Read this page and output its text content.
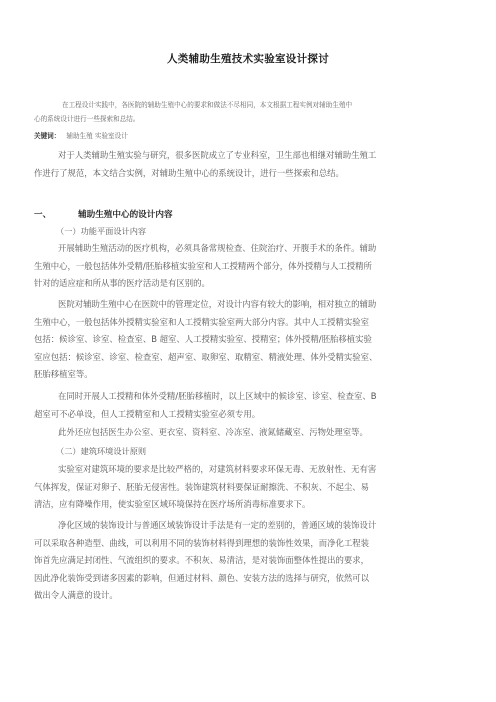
人类辅助生殖技术实验室设计探讨
在工程设计实践中，各医院的辅助生殖中心的要求和做法不尽相同，本文根据工程实例对辅助生殖中
心的系统设计进行一些探索和总结。
关键词： 辅助生殖 实验室设计

对于人类辅助生殖实验与研究，很多医院成立了专业科室，卫生部也相继对辅助生殖工

作进行了规范，本文结合实例，对辅助生殖中心的系统设计，进行一些探索和总结。
一、	辅助生殖中心的设计内容
（一）功能平面设计内容

开展辅助生殖活动的医疗机构，必须具备常规检查、住院治疗、开腹手术的条件。辅助

生殖中心，一般包括体外受精/胚胎移植实验室和人工授精两个部分，体外授精与人工授精所
针对的适应症和所从事的医疗活动是有区别的。

医院对辅助生殖中心在医院中的管理定位，对设计内容有较大的影响，相对独立的辅助

生殖中心，一般包括体外授精实验室和人工授精实验室两大部分内容。其中人工授精实验室
包括：候诊室、诊室、检查室、B 超室、人工授精实验室、授精室；体外授精/胚胎移植实验
室应包括：候诊室、诊室、检查室、超声室、取卵室、取精室、精液处理、体外受精实验室、
胚胎移植室等。

在同时开展人工授精和体外受精/胚胎移植时，以上区域中的候诊室、诊室、检查室、B

超室可不必单设，但人工授精室和人工授精实验室必须专用。

此外还应包括医生办公室、更衣室、资料室、冷冻室、液氮储藏室、污物处理室等。

（二）建筑环境设计原则

实验室对建筑环境的要求是比较严格的，对建筑材料要求环保无毒、无放射性、无有害

气体挥发，保证对卵子、胚胎无侵害性。装饰建筑材料要保证耐擦洗、不积灰、不起尘、易
清洁，应有降噪作用，使实验室区域环境保持在医疗场所消毒标准要求下。

净化区域的装饰设计与普通区域装饰设计手法是有一定的差别的，普通区域的装饰设计

可以采取各种造型、曲线，可以利用不同的装饰材料得到理想的装饰性效果，而净化工程装
饰首先应满足封闭性、气流组织的要求。不积灰、易清洁，是对装饰面整体性提出的要求，
因此净化装饰受到诸多因素的影响，但通过材料、颜色、安装方法的选择与研究，依然可以
做出令人满意的设计。
